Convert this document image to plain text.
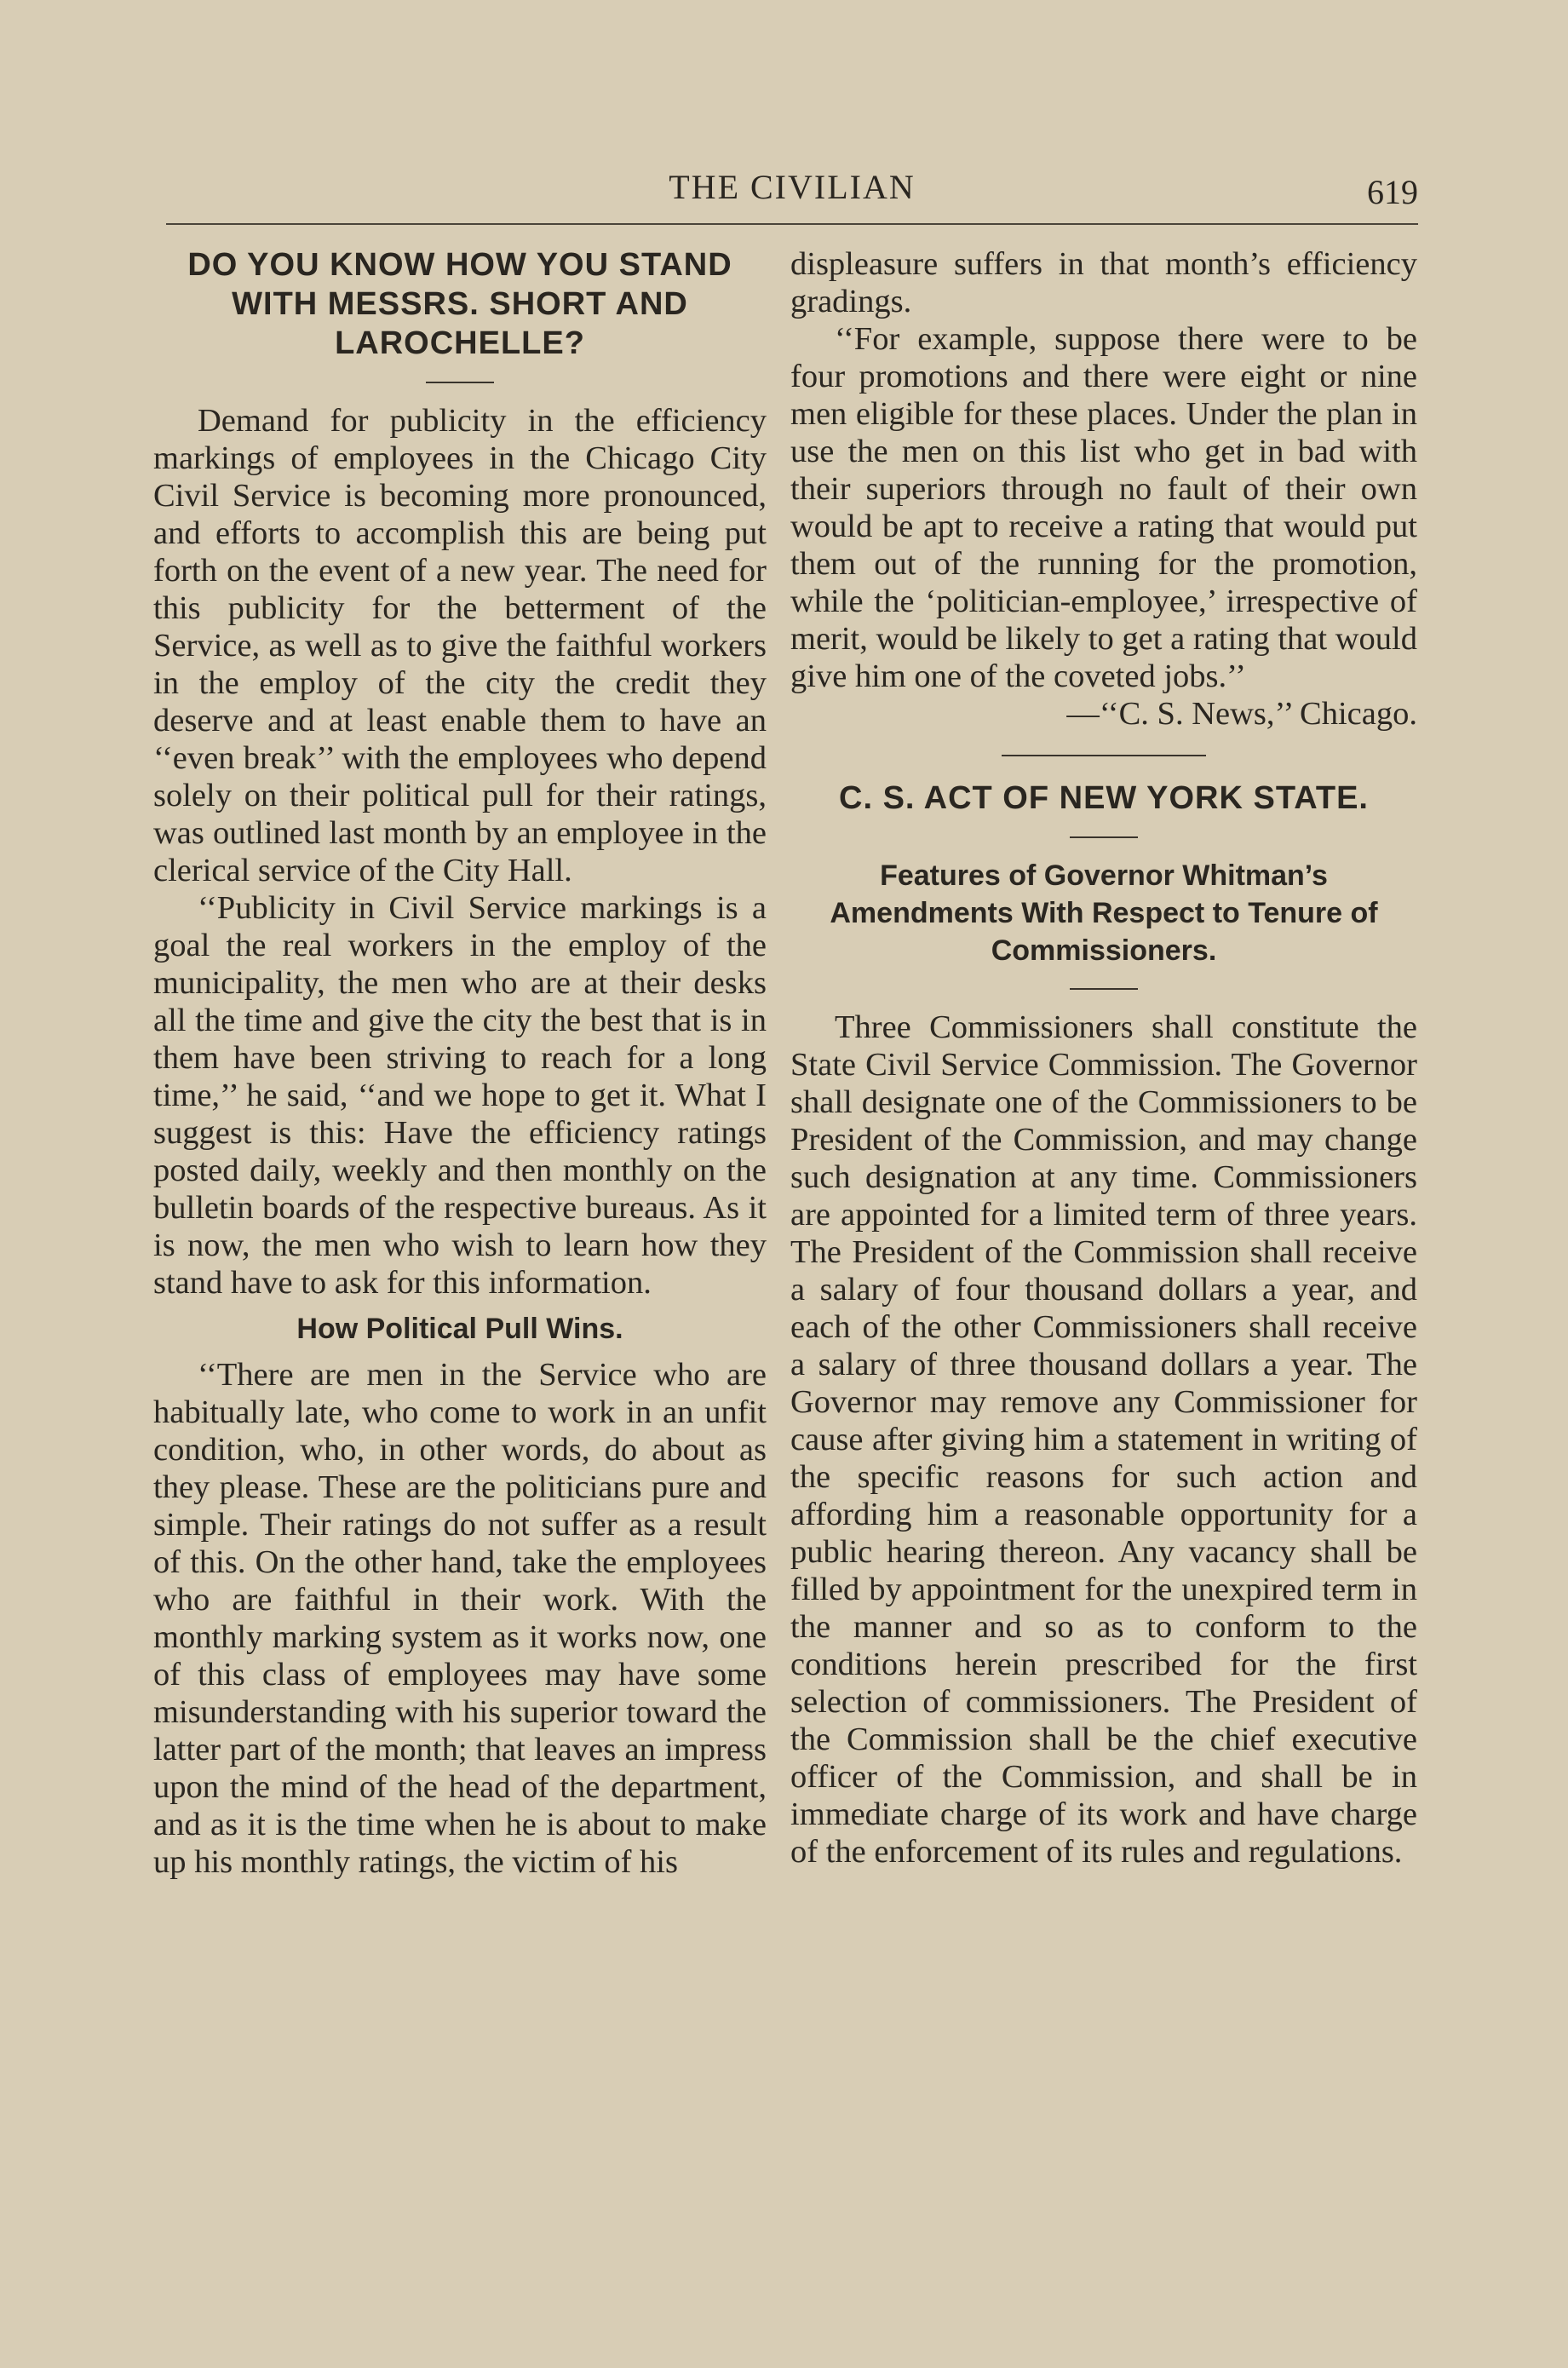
THE CIVILIAN	619
DO YOU KNOW HOW YOU STAND WITH MESSRS. SHORT AND LAROCHELLE?

Demand for publicity in the efficiency markings of employees in the Chicago City Civil Service is becoming more pronounced, and efforts to accomplish this are being put forth on the event of a new year. The need for this publicity for the betterment of the Service, as well as to give the faithful workers in the employ of the city the credit they deserve and at least enable them to have an ‘‘even break’’ with the employees who depend solely on their political pull for their ratings, was outlined last month by an employee in the clerical service of the City Hall.

‘‘Publicity in Civil Service markings is a goal the real workers in the employ of the municipality, the men who are at their desks all the time and give the city the best that is in them have been striving to reach for a long time,’’ he said, ‘‘and we hope to get it. What I suggest is this: Have the efficiency ratings posted daily, weekly and then monthly on the bulletin boards of the respective bureaus. As it is now, the men who wish to learn how they stand have to ask for this information.

How Political Pull Wins.

‘‘There are men in the Service who are habitually late, who come to work in an unfit condition, who, in other words, do about as they please. These are the politicians pure and simple. Their ratings do not suffer as a result of this. On the other hand, take the employees who are faithful in their work. With the monthly marking system as it works now, one of this class of employees may have some misunderstanding with his superior toward the latter part of the month; that leaves an impress upon the mind of the head of the department, and as it is the time when he is about to make up his monthly ratings, the victim of his

displeasure suffers in that month’s efficiency gradings.

‘‘For example, suppose there were to be four promotions and there were eight or nine men eligible for these places. Under the plan in use the men on this list who get in bad with their superiors through no fault of their own would be apt to receive a rating that would put them out of the running for the promotion, while the ‘politician-employee,’ irrespective of merit, would be likely to get a rating that would give him one of the coveted jobs.’’

—‘‘C. S. News,’’ Chicago.

C. S. ACT OF NEW YORK STATE.
Features of Governor Whitman’s Amendments With Respect to Tenure of Commissioners.

Three Commissioners shall constitute the State Civil Service Commission. The Governor shall designate one of the Commissioners to be President of the Commission, and may change such designation at any time. Commissioners are appointed for a limited term of three years. The President of the Commission shall receive a salary of four thousand dollars a year, and each of the other Commissioners shall receive a salary of three thousand dollars a year. The Governor may remove any Commissioner for cause after giving him a statement in writing of the specific reasons for such action and affording him a reasonable opportunity for a public hearing thereon. Any vacancy shall be filled by appointment for the unexpired term in the manner and so as to conform to the conditions herein prescribed for the first selection of commissioners. The President of the Commission shall be the chief executive officer of the Commission, and shall be in immediate charge of its work and have charge of the enforcement of its rules and regulations.
